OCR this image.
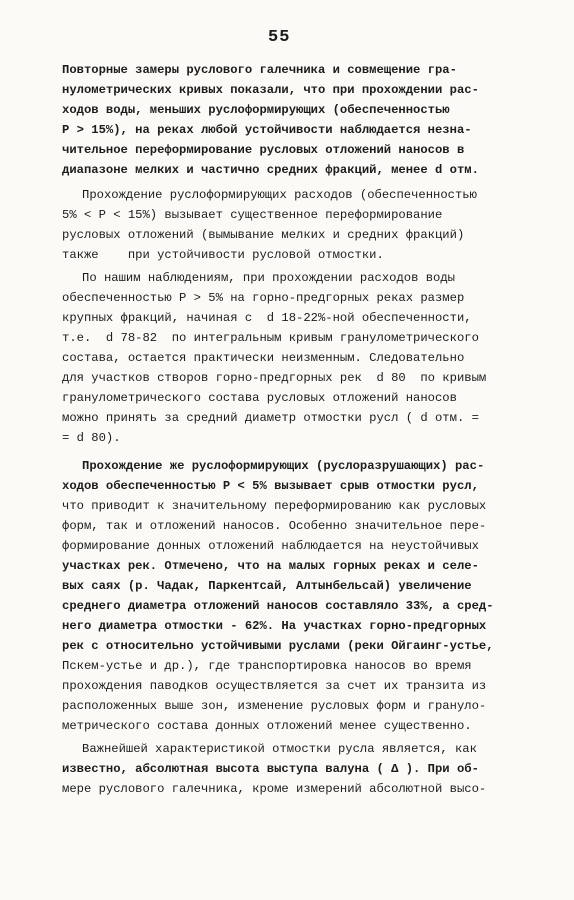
55
Повторные замеры руслового галечника и совмещение гра-
нулометрических кривых показали, что при прохождении рас-
ходов воды, меньших руслоформирующих (обеспеченностью
Р > 15%), на реках любой устойчивости наблюдается незна-
чительное переформирование русловых отложений наносов в
диапазоне мелких и частично средних фракций, менее d отм.
Прохождение руслоформирующих расходов (обеспеченностью
5% < Р < 15%) вызывает существенное переформирование
русловых отложений (вымывание мелких и средних фракций)
также    при устойчивости русловой отмостки.
По нашим наблюдениям, при прохождении расходов воды
обеспеченностью Р > 5% на горно-предгорных реках размер
крупных фракций, начиная с  d 18-22%-ной обеспеченности,
т.е.  d 78-82  по интегральным кривым гранулометрического
состава, остается практически неизменным. Следовательно
для участков створов горно-предгорных рек  d 80  по кривым
гранулометрического состава русловых отложений наносов
можно принять за средний диаметр отмостки русл ( d отм. =
= d 80).
Прохождение же руслоформирующих (руслоразрушающих) рас-
ходов обеспеченностью Р < 5% вызывает срыв отмостки русл,
что приводит к значительному переформированию как русловых
форм, так и отложений наносов. Особенно значительное пере-
формирование донных отложений наблюдается на неустойчивых
участках рек. Отмечено, что на малых горных реках и селе-
вых саях (р. Чадак, Паркентсай, Алтынбельсай) увеличение
среднего диаметра отложений наносов составляло 33%, а сред-
него диаметра отмостки - 62%. На участках горно-предгорных
рек с относительно устойчивыми руслами (реки Ойгаинг-устье,
Пскем-устье и др.), где транспортировка наносов во время
прохождения паводков осуществляется за счет их транзита из
расположенных выше зон, изменение русловых форм и грануло-
метрического состава донных отложений менее существенно.
Важнейшей характеристикой отмостки русла является, как
известно, абсолютная высота выступа валуна ( Δ ). При об-
мере руслового галечника, кроме измерений абсолютной высо-
